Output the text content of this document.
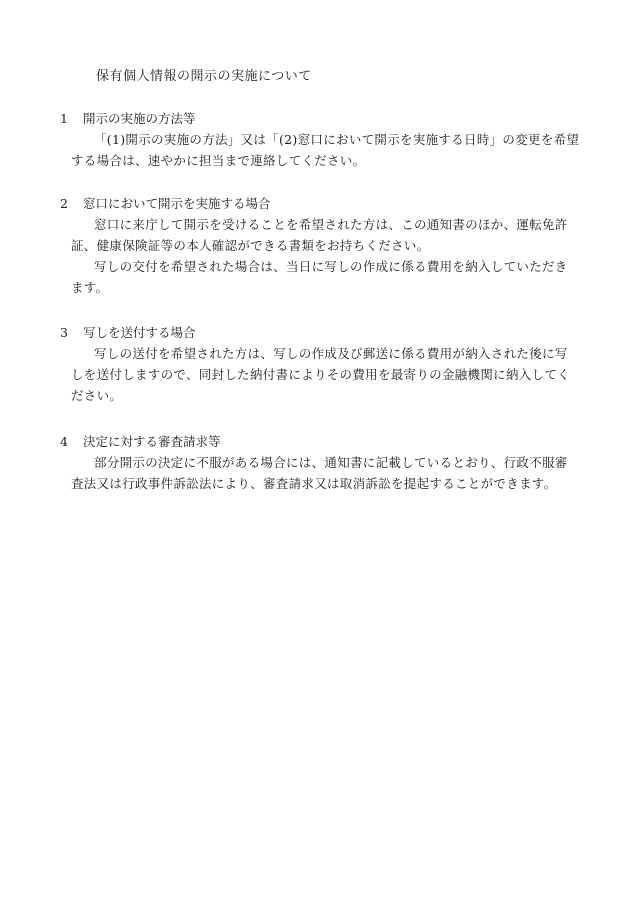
保有個人情報の開示の実施について
1	開示の実施の方法等

「(1)開示の実施の方法」又は「(2)窓口において開示を実施する日時」の変更を希望する場合は、速やかに担当まで連絡してください。

2	窓口において開示を実施する場合

窓口に来庁して開示を受けることを希望された方は、この通知書のほか、運転免許証、健康保険証等の本人確認ができる書類をお持ちください。

写しの交付を希望された場合は、当日に写しの作成に係る費用を納入していただきます。

3	写しを送付する場合

写しの送付を希望された方は、写しの作成及び郵送に係る費用が納入された後に写しを送付しますので、同封した納付書によりその費用を最寄りの金融機関に納入してください。

4	決定に対する審査請求等

部分開示の決定に不服がある場合には、通知書に記載しているとおり、行政不服審査法又は行政事件訴訟法により、審査請求又は取消訴訟を提起することができます。
